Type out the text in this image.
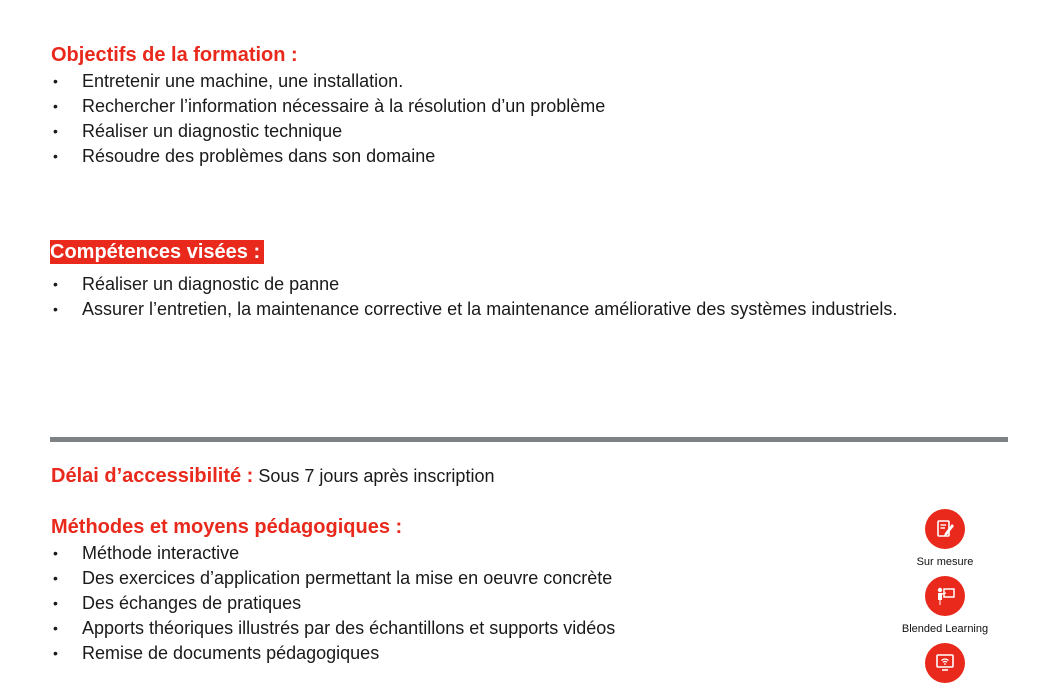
Objectifs de la formation :
• Entretenir une machine, une installation.
• Rechercher l’information nécessaire à la résolution d’un problème
• Réaliser un diagnostic technique
• Résoudre des problèmes dans son domaine
Compétences visées :
• Réaliser un diagnostic de panne
• Assurer l’entretien, la maintenance corrective et la maintenance améliorative des systèmes industriels.
Délai d’accessibilité : Sous 7 jours après inscription
Méthodes et moyens pédagogiques :
• Méthode interactive
• Des exercices d’application permettant la mise en oeuvre concrète
• Des échanges de pratiques
• Apports théoriques illustrés par des échantillons et supports vidéos
• Remise de documents pédagogiques
Sur mesure
Blended Learning
